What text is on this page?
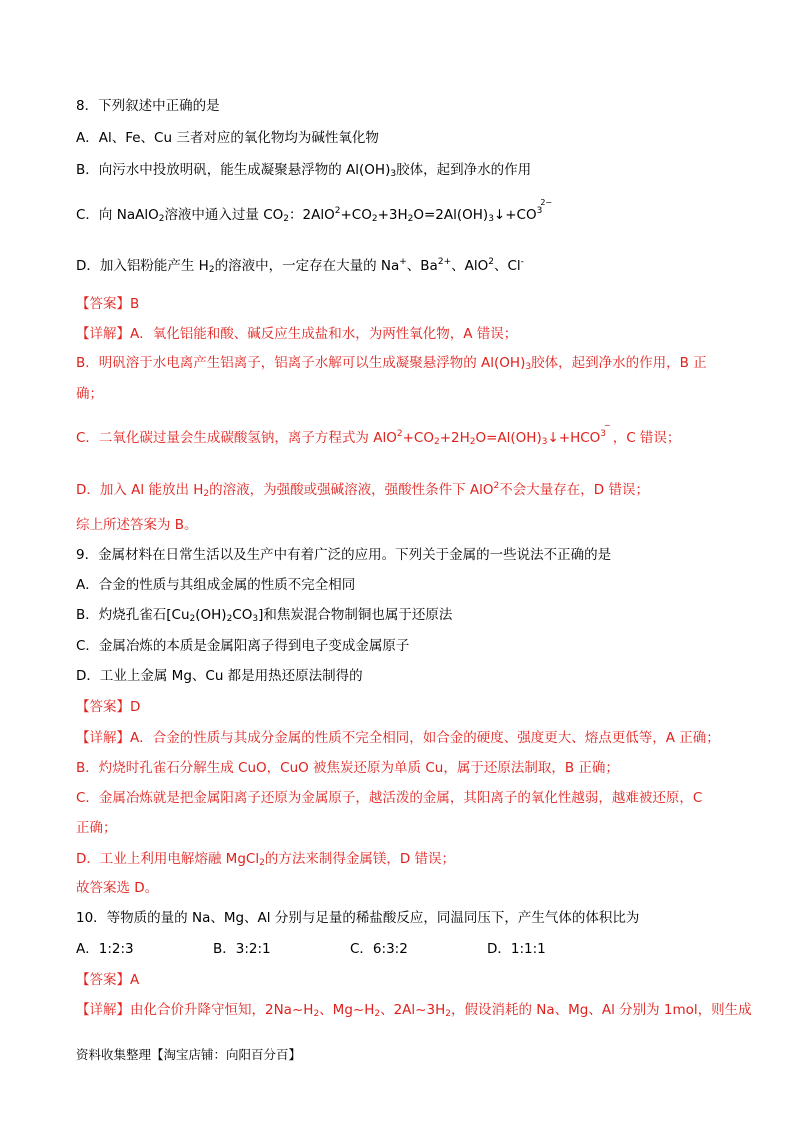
8．下列叙述中正确的是
A．Al、Fe、Cu 三者对应的氧化物均为碱性氧化物
B．向污水中投放明矾，能生成凝聚悬浮物的 $Al(OH)_3$胶体，起到净水的作用
C．向 NaAlO$_2$溶液中通入过量 $CO_2$：$2AlO^2+CO_2+3H_2O=2Al(OH)_3↓+CO^{32-}$
D．加入铝粉能产生 $H_2$的溶液中，一定存在大量的 Na+、$Ba^{2+}$、AlO$^2$、Cl-
【答案】B
【详解】A．氧化铝能和酸、碱反应生成盐和水，为两性氧化物，A 错误；
B．明矾溶于水电离产生铝离子，铝离子水解可以生成凝聚悬浮物的 $Al(OH)_3$胶体，起到净水的作用，B 正
确；
C．二氧化碳过量会生成碳酸氢钠，离子方程式为 $AlO^2+CO_2+2H_2O=Al(OH)_3↓+HCO^{3-}$，C 错误；
D．加入 Al 能放出 $H_2$的溶液，为强酸或强碱溶液，强酸性条件下 AlO$^2$不会大量存在，D 错误；
综上所述答案为 B。
9．金属材料在日常生活以及生产中有着广泛的应用。下列关于金属的一些说法不正确的是
A．合金的性质与其组成金属的性质不完全相同
B．灼烧孔雀石$[Cu_2(OH)_2CO_3]$和焦炭混合物制铜也属于还原法
C．金属冶炼的本质是金属阳离子得到电子变成金属原子
D．工业上金属 Mg、Cu 都是用热还原法制得的
【答案】D
【详解】A．合金的性质与其成分金属的性质不完全相同，如合金的硬度、强度更大、熔点更低等，A 正确；
B．灼烧时孔雀石分解生成 CuO，CuO 被焦炭还原为单质 Cu，属于还原法制取，B 正确；
C．金属冶炼就是把金属阳离子还原为金属原子，越活泼的金属，其阳离子的氧化性越弱，越难被还原，C
正确；
D．工业上利用电解熔融 MgCl$_2$的方法来制得金属镁，D 错误；
故答案选 D。
10．等物质的量的 Na、Mg、Al 分别与足量的稀盐酸反应，同温同压下，产生气体的体积比为
A．1:2:3	B．3:2:1	C．6:3:2	D．1:1:1
【答案】A
【详解】由化合价升降守恒知，$2Na\sim H_2$、$Mg\sim H_2$、$2Al\sim 3H_2$，假设消耗的 Na、Mg、Al 分别为 1mol，则生成
资料收集整理【淘宝店铺：向阳百分百】
